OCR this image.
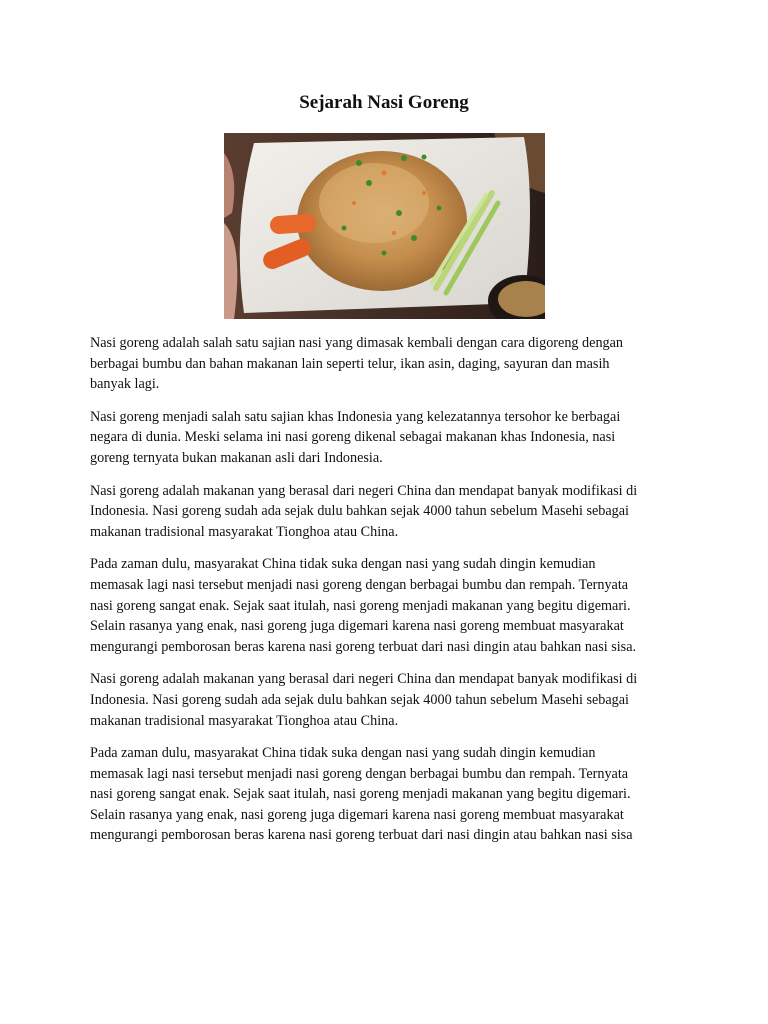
Sejarah Nasi Goreng

Nasi goreng adalah salah satu sajian nasi yang dimasak kembali dengan cara digoreng dengan
berbagai bumbu dan bahan makanan lain seperti telur, ikan asin, daging, sayuran dan masih
banyak lagi.

Nasi goreng menjadi salah satu sajian khas Indonesia yang kelezatannya tersohor ke berbagai
negara di dunia. Meski selama ini nasi goreng dikenal sebagai makanan khas Indonesia, nasi
goreng ternyata bukan makanan asli dari Indonesia.

Nasi goreng adalah makanan yang berasal dari negeri China dan mendapat banyak modifikasi di
Indonesia. Nasi goreng sudah ada sejak dulu bahkan sejak 4000 tahun sebelum Masehi sebagai
makanan tradisional masyarakat Tionghoa atau China.

Pada zaman dulu, masyarakat China tidak suka dengan nasi yang sudah dingin kemudian
memasak lagi nasi tersebut menjadi nasi goreng dengan berbagai bumbu dan rempah. Ternyata
nasi goreng sangat enak. Sejak saat itulah, nasi goreng menjadi makanan yang begitu digemari.
Selain rasanya yang enak, nasi goreng juga digemari karena nasi goreng membuat masyarakat
mengurangi pemborosan beras karena nasi goreng terbuat dari nasi dingin atau bahkan nasi sisa.

Nasi goreng adalah makanan yang berasal dari negeri China dan mendapat banyak modifikasi di
Indonesia. Nasi goreng sudah ada sejak dulu bahkan sejak 4000 tahun sebelum Masehi sebagai
makanan tradisional masyarakat Tionghoa atau China.

Pada zaman dulu, masyarakat China tidak suka dengan nasi yang sudah dingin kemudian
memasak lagi nasi tersebut menjadi nasi goreng dengan berbagai bumbu dan rempah. Ternyata
nasi goreng sangat enak. Sejak saat itulah, nasi goreng menjadi makanan yang begitu digemari.
Selain rasanya yang enak, nasi goreng juga digemari karena nasi goreng membuat masyarakat
mengurangi pemborosan beras karena nasi goreng terbuat dari nasi dingin atau bahkan nasi sisa
